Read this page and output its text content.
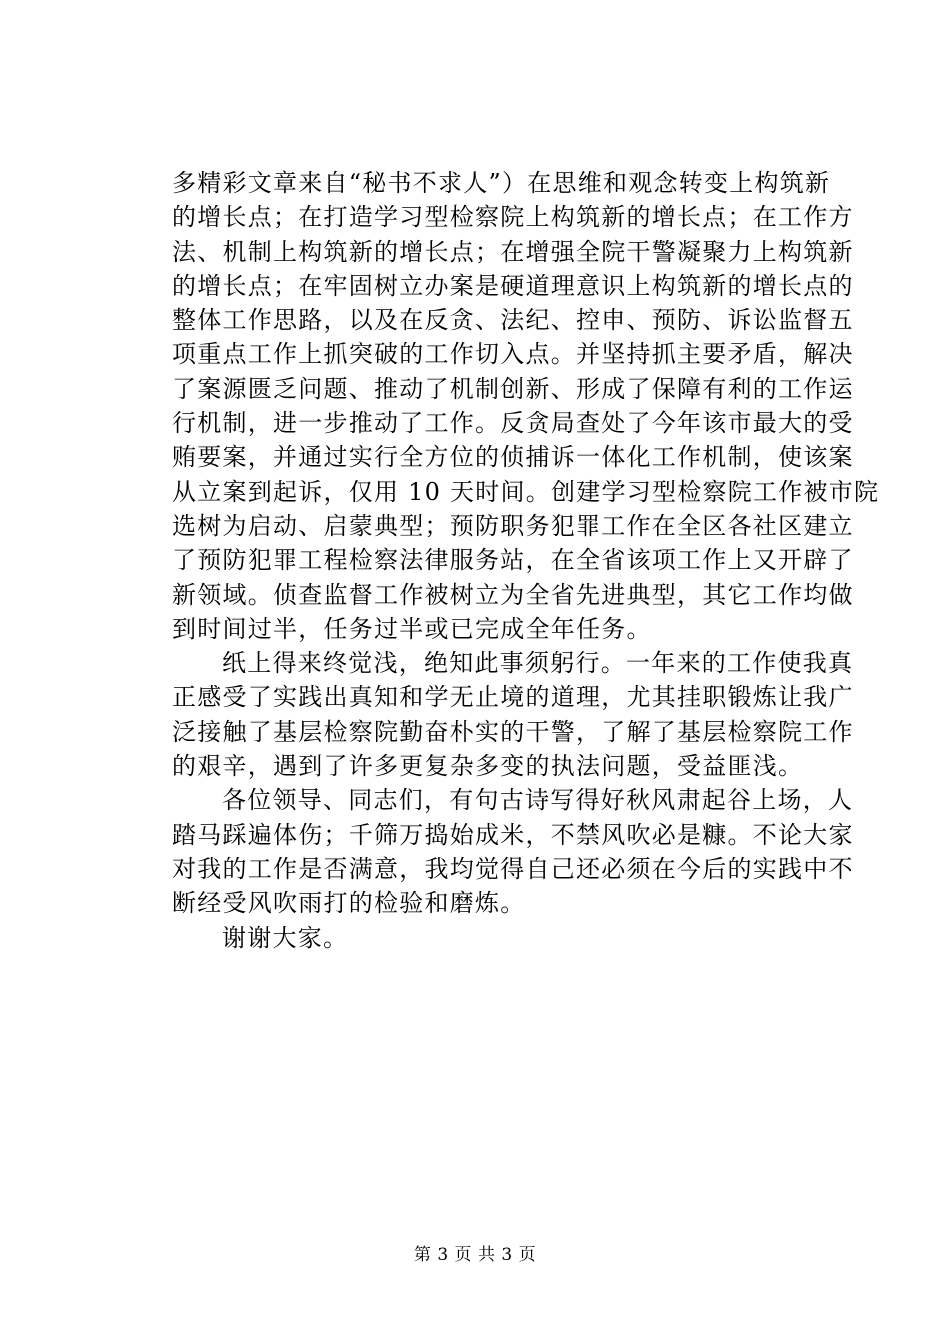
多精彩文章来自“秘书不求人”）在思维和观念转变上构筑新
的增长点；在打造学习型检察院上构筑新的增长点；在工作方
法、机制上构筑新的增长点；在增强全院干警凝聚力上构筑新
的增长点；在牢固树立办案是硬道理意识上构筑新的增长点的
整体工作思路，以及在反贪、法纪、控申、预防、诉讼监督五
项重点工作上抓突破的工作切入点。并坚持抓主要矛盾，解决
了案源匮乏问题、推动了机制创新、形成了保障有利的工作运
行机制，进一步推动了工作。反贪局查处了今年该市最大的受
贿要案，并通过实行全方位的侦捕诉一体化工作机制，使该案
从立案到起诉，仅用 10 天时间。创建学习型检察院工作被市院
选树为启动、启蒙典型；预防职务犯罪工作在全区各社区建立
了预防犯罪工程检察法律服务站，在全省该项工作上又开辟了
新领域。侦查监督工作被树立为全省先进典型，其它工作均做
到时间过半，任务过半或已完成全年任务。
纸上得来终觉浅，绝知此事须躬行。一年来的工作使我真
正感受了实践出真知和学无止境的道理，尤其挂职锻炼让我广
泛接触了基层检察院勤奋朴实的干警，了解了基层检察院工作
的艰辛，遇到了许多更复杂多变的执法问题，受益匪浅。
各位领导、同志们，有句古诗写得好秋风肃起谷上场，人
踏马踩遍体伤；千筛万捣始成米，不禁风吹必是糠。不论大家
对我的工作是否满意，我均觉得自己还必须在今后的实践中不
断经受风吹雨打的检验和磨炼。
谢谢大家。
第 3 页 共 3 页
